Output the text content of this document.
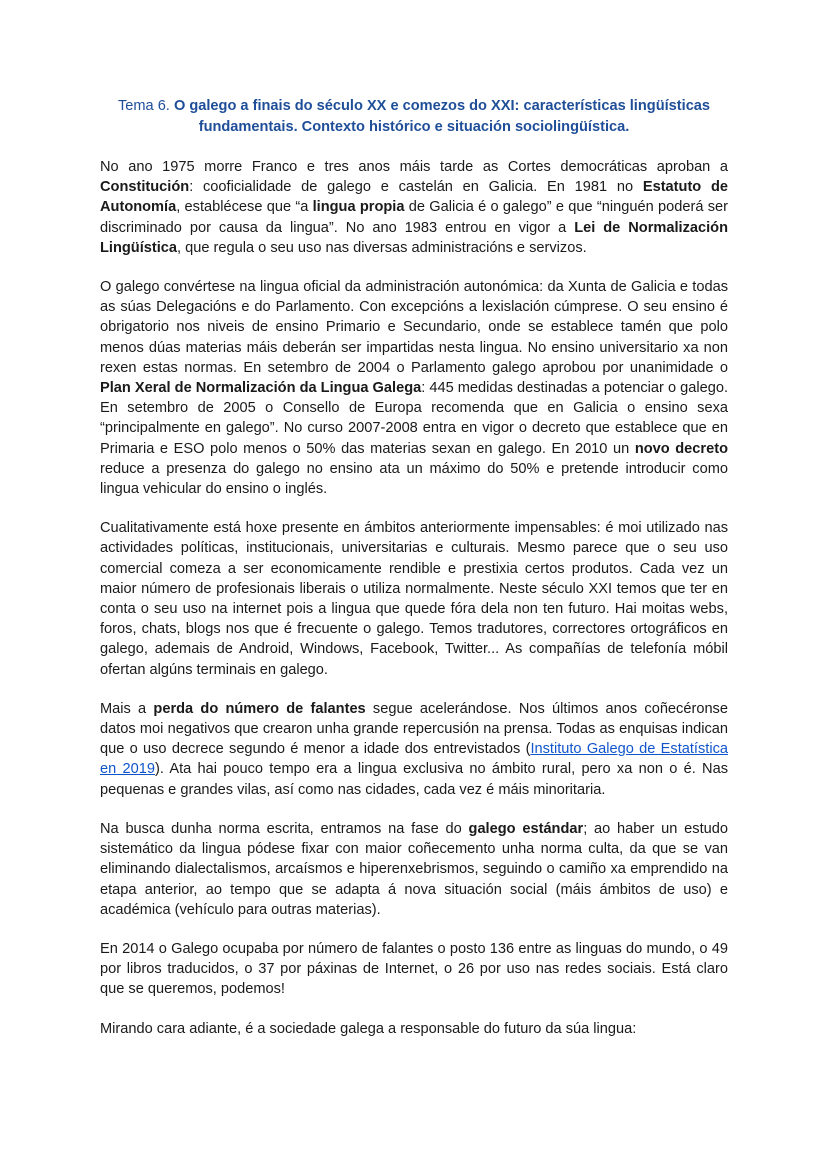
Tema 6. O galego a finais do século XX e comezos do XXI: características lingüísticas fundamentais. Contexto histórico e situación sociolingüística.

No ano 1975 morre Franco e tres anos máis tarde as Cortes democráticas aproban a Constitución: cooficialidade de galego e castelán en Galicia. En 1981 no Estatuto de Autonomía, establécese que “a lingua propia de Galicia é o galego” e que “ninguén poderá ser discriminado por causa da lingua”. No ano 1983 entrou en vigor a Lei de Normalización Lingüística, que regula o seu uso nas diversas administracións e servizos.

O galego convértese na lingua oficial da administración autonómica: da Xunta de Galicia e todas as súas Delegacións e do Parlamento. Con excepcións a lexislación cúmprese. O seu ensino é obrigatorio nos niveis de ensino Primario e Secundario, onde se establece tamén que polo menos dúas materias máis deberán ser impartidas nesta lingua. No ensino universitario xa non rexen estas normas. En setembro de 2004 o Parlamento galego aprobou por unanimidade o Plan Xeral de Normalización da Lingua Galega: 445 medidas destinadas a potenciar o galego. En setembro de 2005 o Consello de Europa recomenda que en Galicia o ensino sexa “principalmente en galego”. No curso 2007-2008 entra en vigor o decreto que establece que en Primaria e ESO polo menos o 50% das materias sexan en galego. En 2010 un novo decreto reduce a presenza do galego no ensino ata un máximo do 50% e pretende introducir como lingua vehicular do ensino o inglés.

Cualitativamente está hoxe presente en ámbitos anteriormente impensables: é moi utilizado nas actividades políticas, institucionais, universitarias e culturais. Mesmo parece que o seu uso comercial comeza a ser economicamente rendible e prestixia certos produtos. Cada vez un maior número de profesionais liberais o utiliza normalmente. Neste século XXI temos que ter en conta o seu uso na internet pois a lingua que quede fóra dela non ten futuro. Hai moitas webs, foros, chats, blogs nos que é frecuente o galego. Temos tradutores, correctores ortográficos en galego, ademais de Android, Windows, Facebook, Twitter... As compañías de telefonía móbil ofertan algúns terminais en galego.

Mais a perda do número de falantes segue acelerándose. Nos últimos anos coñecéronse datos moi negativos que crearon unha grande repercusión na prensa. Todas as enquisas indican que o uso decrece segundo é menor a idade dos entrevistados (Instituto Galego de Estatística en 2019). Ata hai pouco tempo era a lingua exclusiva no ámbito rural, pero xa non o é. Nas pequenas e grandes vilas, así como nas cidades, cada vez é máis minoritaria.

Na busca dunha norma escrita, entramos na fase do galego estándar; ao haber un estudo sistemático da lingua pódese fixar con maior coñecemento unha norma culta, da que se van eliminando dialectalismos, arcaísmos e hiperenxebrismos, seguindo o camiño xa emprendido na etapa anterior, ao tempo que se adapta á nova situación social (máis ámbitos de uso) e académica (vehículo para outras materias).

En 2014 o Galego ocupaba por número de falantes o posto 136 entre as linguas do mundo, o 49 por libros traducidos, o 37 por páxinas de Internet, o 26 por uso nas redes sociais. Está claro que se queremos, podemos!

Mirando cara adiante, é a sociedade galega a responsable do futuro da súa lingua:
